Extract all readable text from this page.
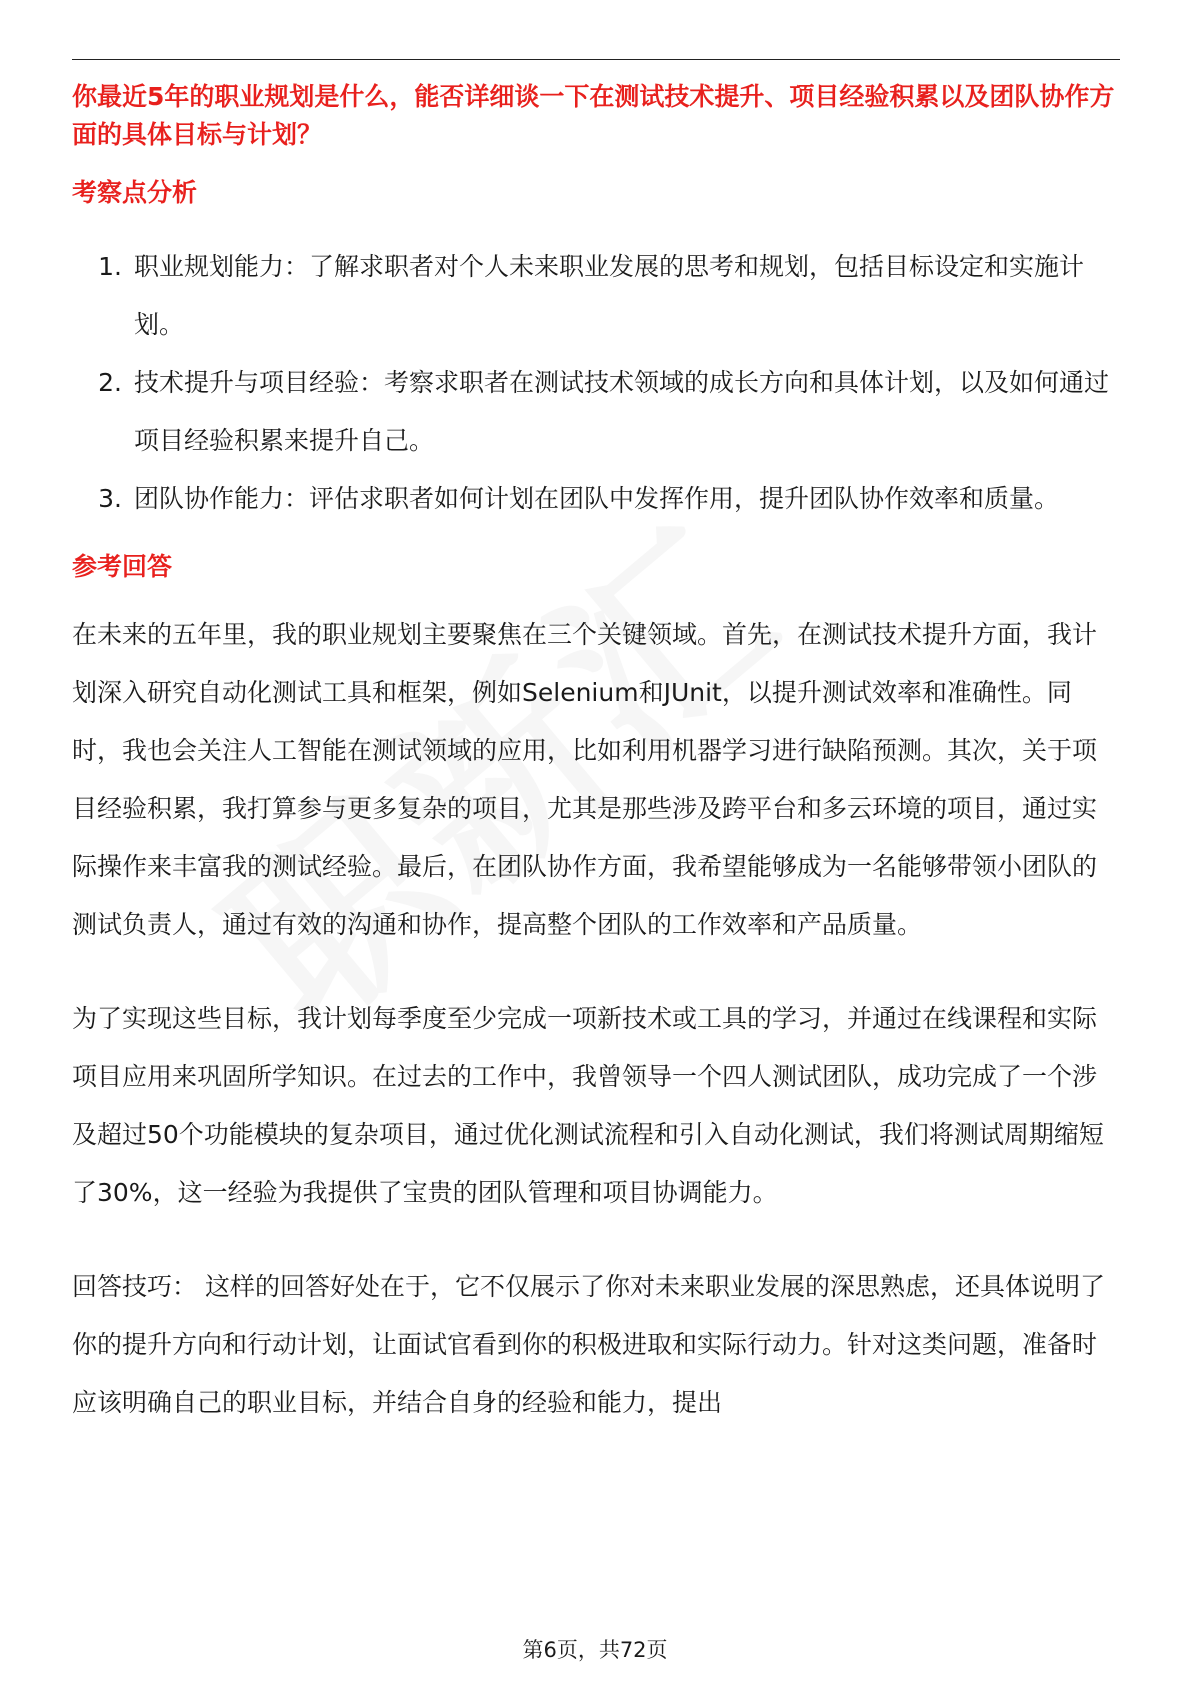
你最近5年的职业规划是什么，能否详细谈一下在测试技术提升、项目经验积累以及团队协作方面的具体目标与计划？

考察点分析
1. 职业规划能力：了解求职者对个人未来职业发展的思考和规划，包括目标设定和实施计划。
2. 技术提升与项目经验：考察求职者在测试技术领域的成长方向和具体计划，以及如何通过项目经验积累来提升自己。
3. 团队协作能力：评估求职者如何计划在团队中发挥作用，提升团队协作效率和质量。
参考回答

在未来的五年里，我的职业规划主要聚焦在三个关键领域。首先，在测试技术提升方面，我计划深入研究自动化测试工具和框架，例如Selenium和JUnit，以提升测试效率和准确性。同时，我也会关注人工智能在测试领域的应用，比如利用机器学习进行缺陷预测。其次，关于项目经验积累，我打算参与更多复杂的项目，尤其是那些涉及跨平台和多云环境的项目，通过实际操作来丰富我的测试经验。最后，在团队协作方面，我希望能够成为一名能够带领小团队的测试负责人，通过有效的沟通和协作，提高整个团队的工作效率和产品质量。

为了实现这些目标，我计划每季度至少完成一项新技术或工具的学习，并通过在线课程和实际项目应用来巩固所学知识。在过去的工作中，我曾领导一个四人测试团队，成功完成了一个涉及超过50个功能模块的复杂项目，通过优化测试流程和引入自动化测试，我们将测试周期缩短了30%，这一经验为我提供了宝贵的团队管理和项目协调能力。

回答技巧： 这样的回答好处在于，它不仅展示了你对未来职业发展的深思熟虑，还具体说明了你的提升方向和行动计划，让面试官看到你的积极进取和实际行动力。针对这类问题，准备时应该明确自己的职业目标，并结合自身的经验和能力，提出

第6页，共72页
